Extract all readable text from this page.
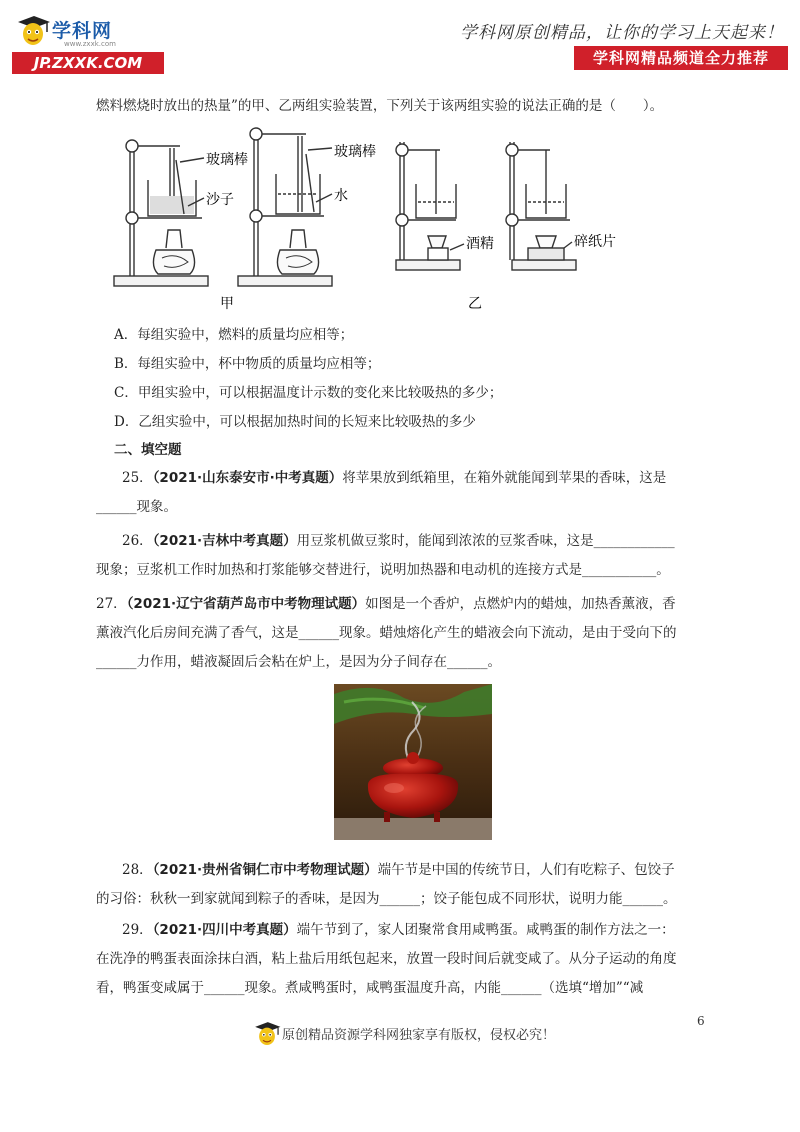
学科网
www.zxxk.com
JP.ZXXK.COM
学科网原创精品，让你的学习上天起来！
学科网精品频道全力推荐
燃料燃烧时放出的热量”的甲、乙两组实验装置，下列关于该两组实验的说法正确的是（　　）。
玻璃棒
沙子
玻璃棒
水
酒精	碎纸片
甲	乙
A．每组实验中，燃料的质量均应相等；
B．每组实验中，杯中物质的质量均应相等；
C．甲组实验中，可以根据温度计示数的变化来比较吸热的多少；
D．乙组实验中，可以根据加热时间的长短来比较吸热的多少
二、填空题
25．（2021·山东泰安市·中考真题）将苹果放到纸箱里，在箱外就能闻到苹果的香味，这是
______现象。
26．（2021·吉林中考真题）用豆浆机做豆浆时，能闻到浓浓的豆浆香味，这是____________
现象；豆浆机工作时加热和打浆能够交替进行，说明加热器和电动机的连接方式是___________。
27．（2021·辽宁省葫芦岛市中考物理试题）如图是一个香炉，点燃炉内的蜡烛，加热香薰液，香
薰液汽化后房间充满了香气，这是______现象。蜡烛熔化产生的蜡液会向下流动，是由于受向下的
______力作用，蜡液凝固后会粘在炉上，是因为分子间存在______。
28．（2021·贵州省铜仁市中考物理试题）端午节是中国的传统节日，人们有吃粽子、包饺子
的习俗：秋秋一到家就闻到粽子的香味，是因为______；饺子能包成不同形状，说明力能______。
29．（2021·四川中考真题）端午节到了，家人团聚常食用咸鸭蛋。咸鸭蛋的制作方法之一：
在洗净的鸭蛋表面涂抹白酒，粘上盐后用纸包起来，放置一段时间后就变咸了。从分子运动的角度
看，鸭蛋变咸属于______现象。煮咸鸭蛋时，咸鸭蛋温度升高，内能______（选填“增加”“减
原创精品资源学科网独家享有版权，侵权必究！
6
